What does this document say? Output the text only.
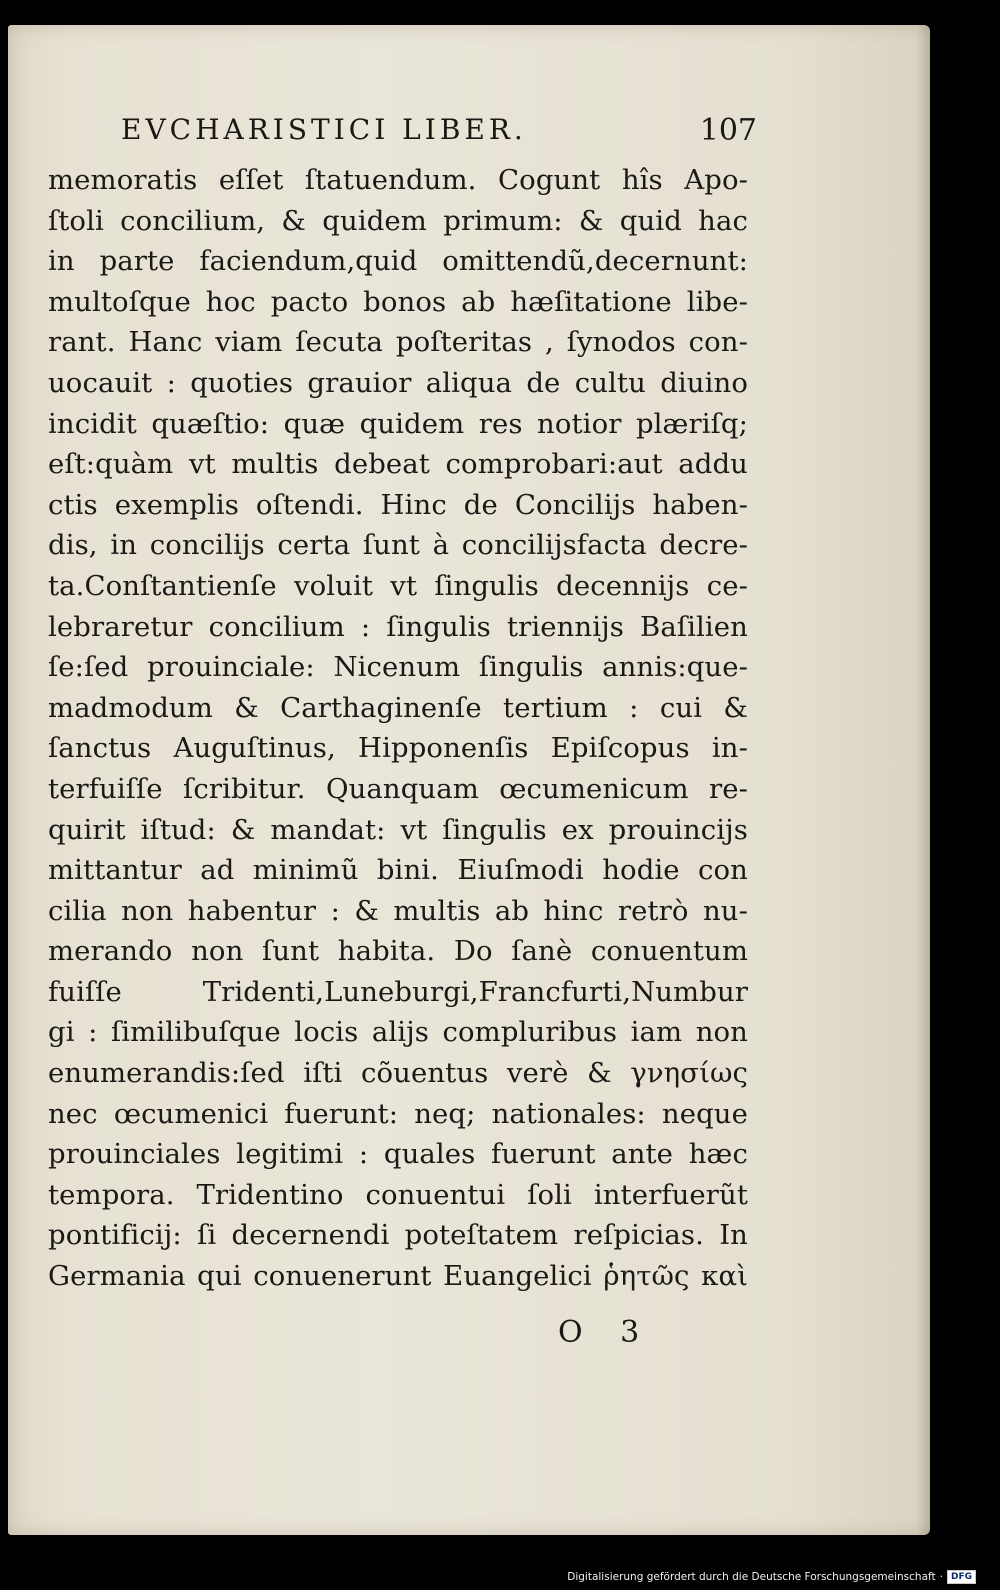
EVCHARISTICI LIBER.	107
memoratis eſſet ſtatuendum. Cogunt hîs Apo-
ſtoli concilium, & quidem primum: & quid hac
in parte faciendum,quid omittendũ,decernunt:
multoſque hoc pacto bonos ab hæſitatione libe-
rant. Hanc viam ſecuta poſteritas , ſynodos con-
uocauit : quoties grauior aliqua de cultu diuino
incidit quæſtio: quæ quidem res notior plæriſq;
eſt:quàm vt multis debeat comprobari:aut addu
ctis exemplis oſtendi. Hinc de Concilijs haben-
dis, in concilijs certa ſunt à concilijsfacta decre-
ta.Conſtantienſe voluit vt ſingulis decennijs ce-
lebraretur concilium : ſingulis triennijs Baſilien
ſe:ſed prouinciale: Nicenum ſingulis annis:que-
madmodum & Carthaginenſe tertium : cui &
ſanctus Auguſtinus, Hipponenſis Epiſcopus in-
terfuiſſe ſcribitur. Quanquam œcumenicum re-
quirit iſtud: & mandat: vt ſingulis ex prouincijs
mittantur ad minimũ bini. Eiuſmodi hodie con
cilia non habentur : & multis ab hinc retrò nu-
merando non ſunt habita. Do ſanè conuentum
fuiſſe Tridenti,Luneburgi,Francfurti,Numbur
gi : ſimilibuſque locis alijs compluribus iam non
enumerandis:ſed iſti cõuentus verè & γνησίως
nec œcumenici fuerunt: neq; nationales: neque
prouinciales legitimi : quales fuerunt ante hæc
tempora. Tridentino conuentui ſoli interfuerũt
pontificij: ſi decernendi poteſtatem reſpicias. In
Germania qui conuenerunt Euangelici ῥητῶς καὶ
O 3
Digitalisierung gefördert durch die Deutsche Forschungsgemeinschaft · DFG
